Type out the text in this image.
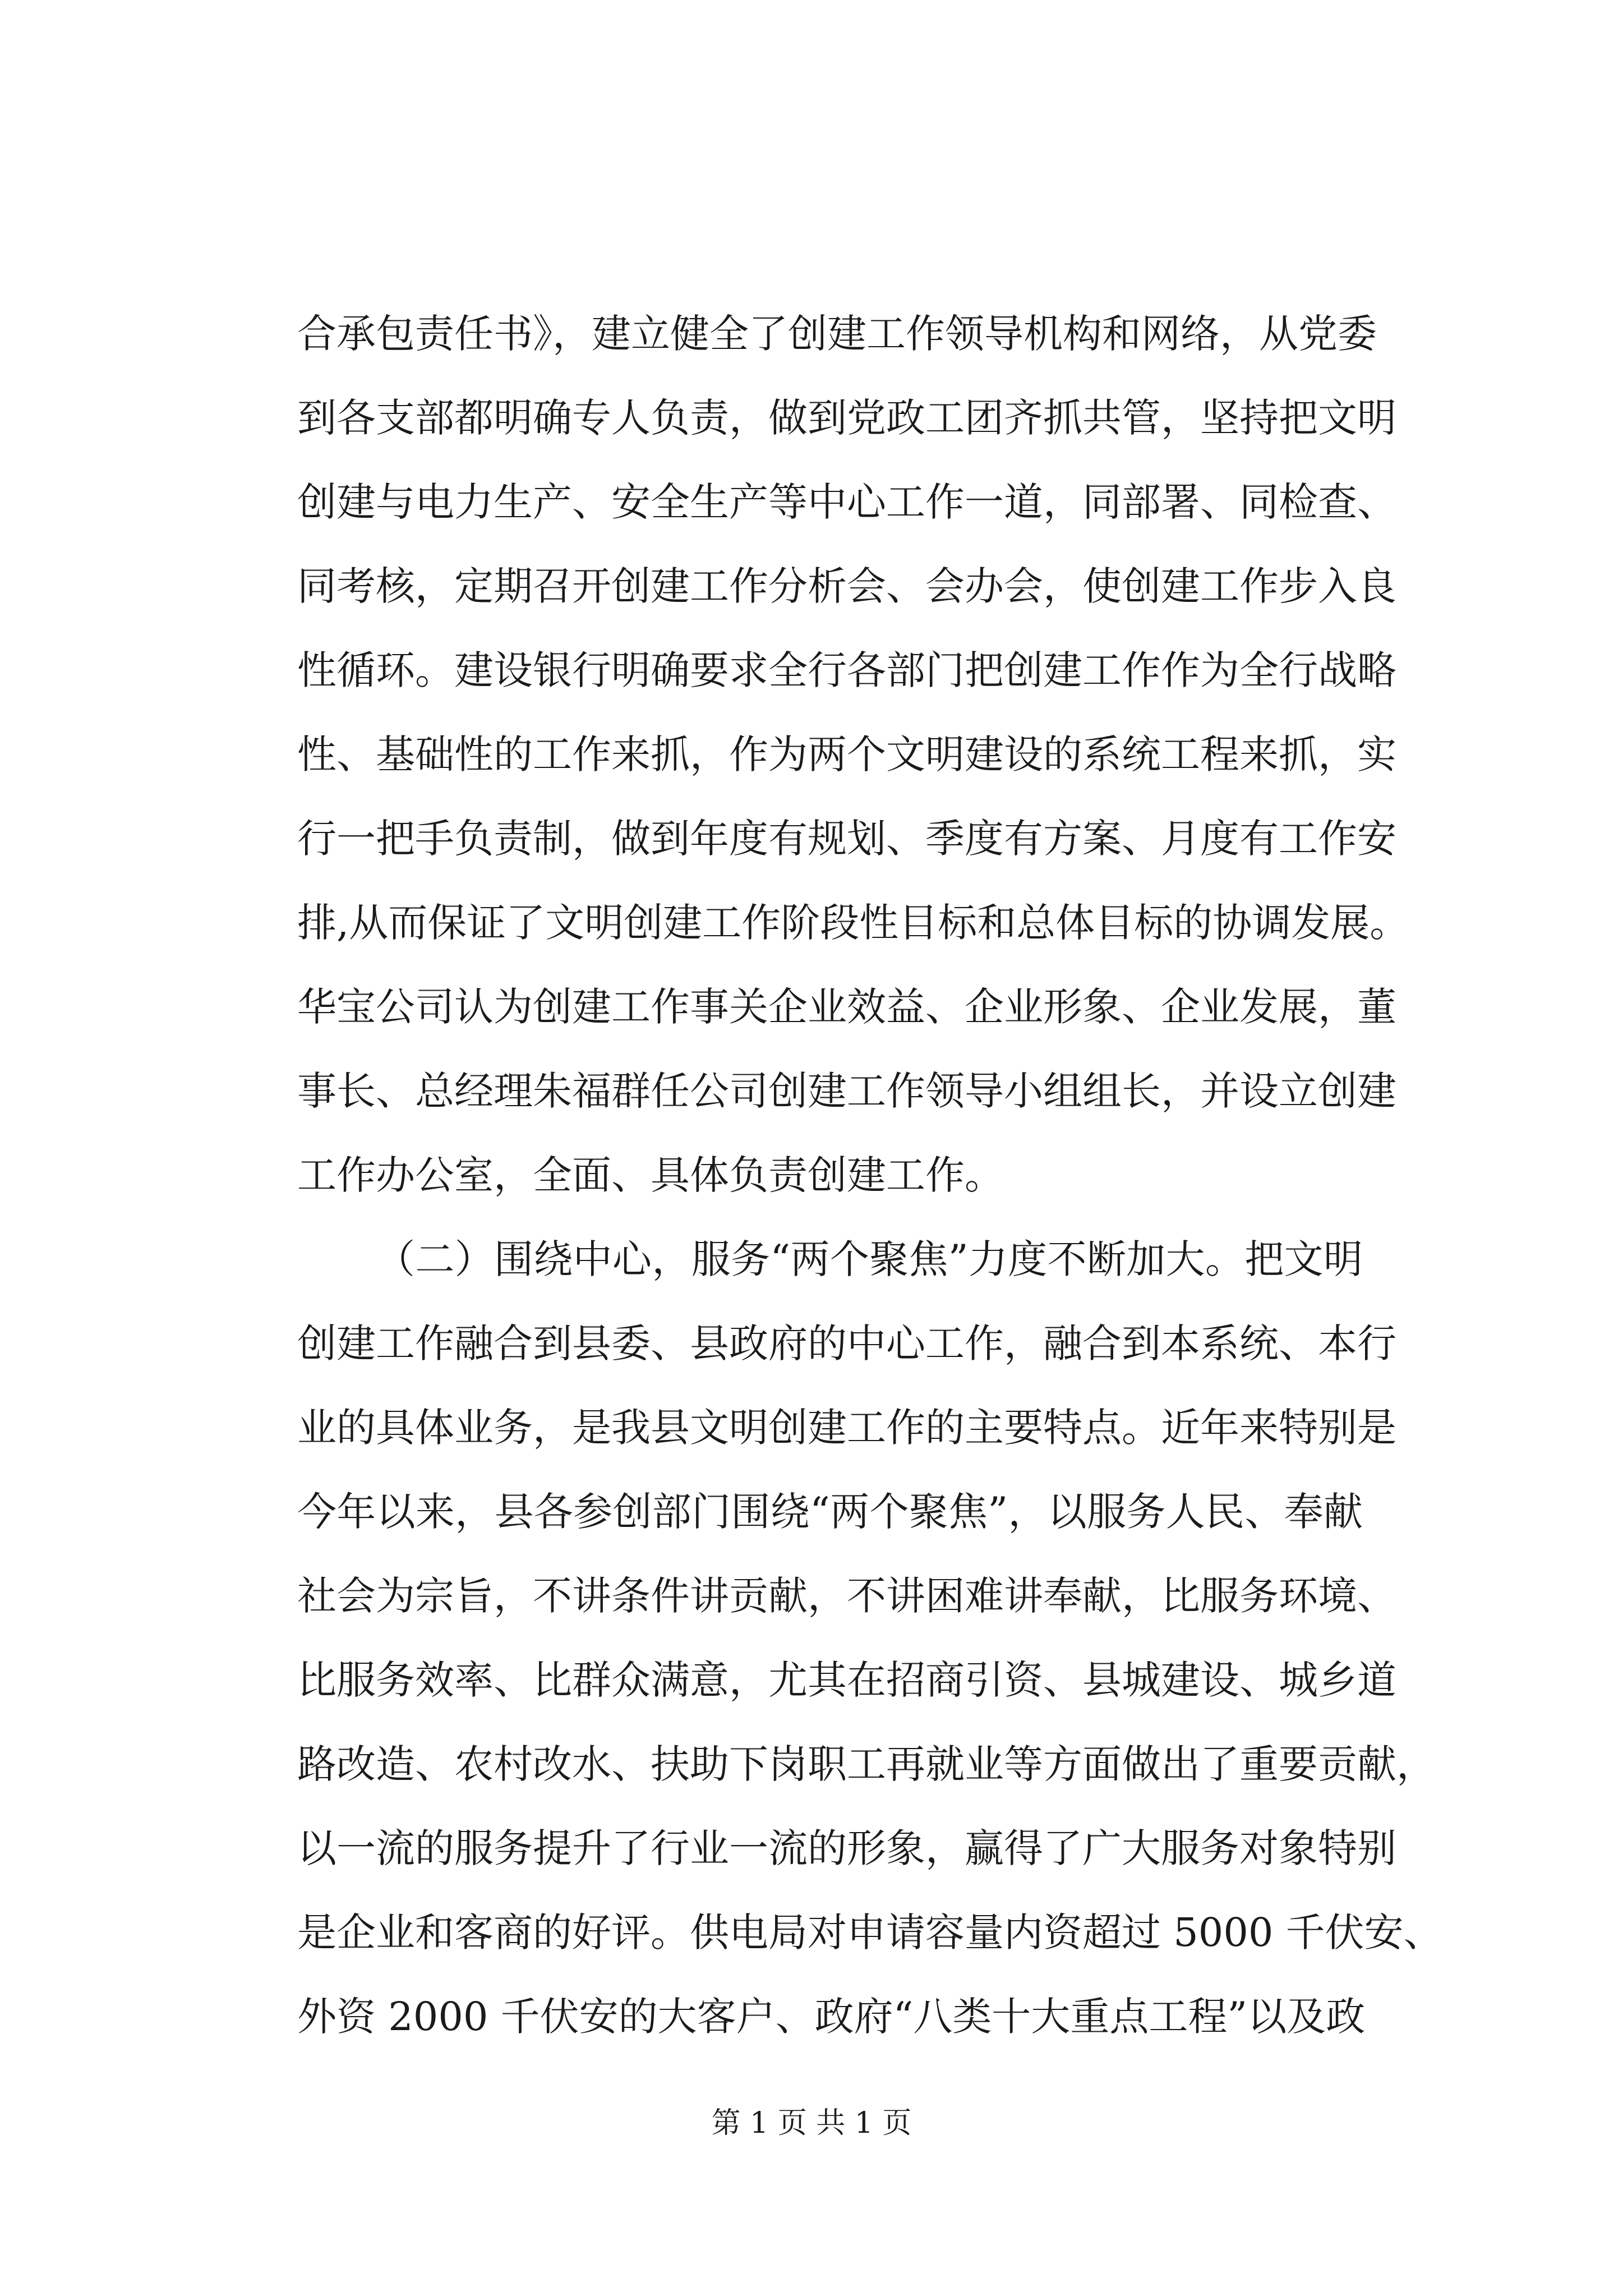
合承包责任书》，建立健全了创建工作领导机构和网络，从党委
到各支部都明确专人负责，做到党政工团齐抓共管，坚持把文明
创建与电力生产、安全生产等中心工作一道，同部署、同检查、
同考核，定期召开创建工作分析会、会办会，使创建工作步入良
性循环。建设银行明确要求全行各部门把创建工作作为全行战略
性、基础性的工作来抓，作为两个文明建设的系统工程来抓，实
行一把手负责制，做到年度有规划、季度有方案、月度有工作安
排,从而保证了文明创建工作阶段性目标和总体目标的协调发展。
华宝公司认为创建工作事关企业效益、企业形象、企业发展，董
事长、总经理朱福群任公司创建工作领导小组组长，并设立创建
工作办公室，全面、具体负责创建工作。
（二）围绕中心，服务“两个聚焦”力度不断加大。把文明
创建工作融合到县委、县政府的中心工作，融合到本系统、本行
业的具体业务，是我县文明创建工作的主要特点。近年来特别是
今年以来，县各参创部门围绕“两个聚焦”，以服务人民、奉献
社会为宗旨，不讲条件讲贡献，不讲困难讲奉献，比服务环境、
比服务效率、比群众满意，尤其在招商引资、县城建设、城乡道
路改造、农村改水、扶助下岗职工再就业等方面做出了重要贡献，
以一流的服务提升了行业一流的形象，赢得了广大服务对象特别
是企业和客商的好评。供电局对申请容量内资超过 5000 千伏安、
外资 2000 千伏安的大客户、政府“八类十大重点工程”以及政
第 1 页 共 1 页
